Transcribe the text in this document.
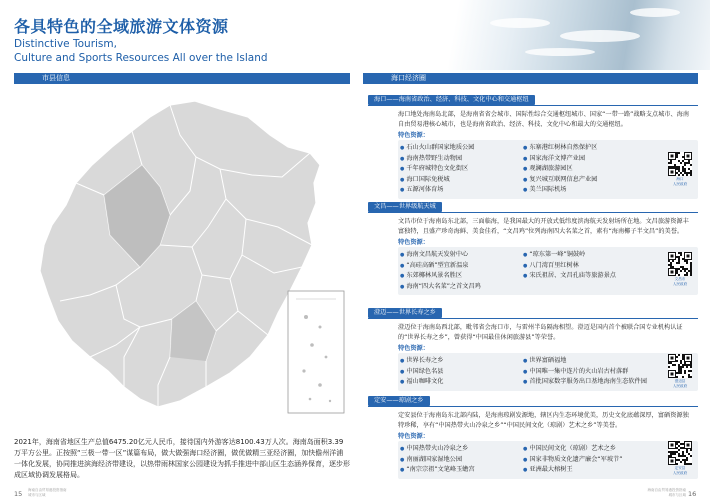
各具特色的全域旅游文体资源
Distinctive Tourism,
Culture and Sports Resources All over the Island
市县信息	海口经济圈
2021年，海南省地区生产总值6475.20亿元人民币，接待国内外游客达8100.43万人次。海南岛面积3.39万平方公里。正按照“三极一带一区”谋篇布局，做大做强海口经济圈，做优做精三亚经济圈，加快儋州洋浦一体化发展，协同推进滨海经济带建设，以热带雨林国家公园建设为抓手推进中部山区生态涵养保育，逐步形成区域协调发展格局。
海口——海南省政治、经济、科技、文化中心和交通枢纽
海口地处海南岛北部，是海南省省会城市、国际性综合交通枢纽城市、国家“一带一路”战略支点城市、海南自由贸易港核心城市，也是海南省政治、经济、科技、文化中心和最大的交通枢纽。
特色资源：
● 石山火山群国家地质公园	● 东寨港红树林自然保护区
● 海南热带野生动物园	● 国家海洋文博产业园
● 千年府城特色文化街区	● 观澜湖旅游园区
● 海口国际免税城	● 复兴城互联网信息产业园
● 五源河体育场	● 美兰国际机场
海口
人民政府
文昌——世界级航天城
文昌市位于海南岛东北部，三面临海，是我国最大的开放式低纬度滨海航天发射场所在地。文昌旅游资源丰富独特，且盛产珍奇海鲜、美食佳肴，“文昌鸡”位列海南四大名菜之首，素有“海南椰子半文昌”的美誉。
特色资源：
● 海南文昌航天发射中心	● “琼东第一峰”铜鼓岭
● “高硅高硒”型宜新温泉	● 八门湾百里红树林
● 东郊椰林风景名胜区	● 宋氏祖居、文昌孔庙等旅游景点
● 海南“四大名菜”之首文昌鸡
文昌市
人民政府
澄迈——世界长寿之乡
澄迈位于海南岛西北部，毗邻省会海口市，与雷州半岛隔海相望。澄迈是国内首个被联合国专业机构认证的“世界长寿之乡”，曾获得“中国最佳休闲旅游县”等荣誉。
特色资源：
● 世界长寿之乡	● 世界富硒福地
● 中国绿色名县	● 中国唯一集中连片的火山岩古村落群
● 福山咖啡文化	● 首批国家数字服务出口基地海南生态软件园	澄迈县
人民政府
定安——琼剧之乡
定安县位于海南岛东北部内陆，是海南琼剧发源地，辖区内生态环境优美，历史文化底蕴深厚，富硒资源独特珍稀，享有“中国热带火山冷泉之乡”“中国民间文化（琼剧）艺术之乡”等美誉。
特色资源：
● 中国热带火山冷泉之乡	● 中国民间文化（琼剧）艺术之乡
● 南丽湖国家湿地公园	● 国家非物质文化遗产廉会“军坡节”
● “南宗宗祖”文笔峰玉蟾宫	● 亚洲最大榕树王	定安县
人民政府
15 海南自由贸易港投资指南 城市与区域
海南自由贸易港投资指南 城市与区域 16
